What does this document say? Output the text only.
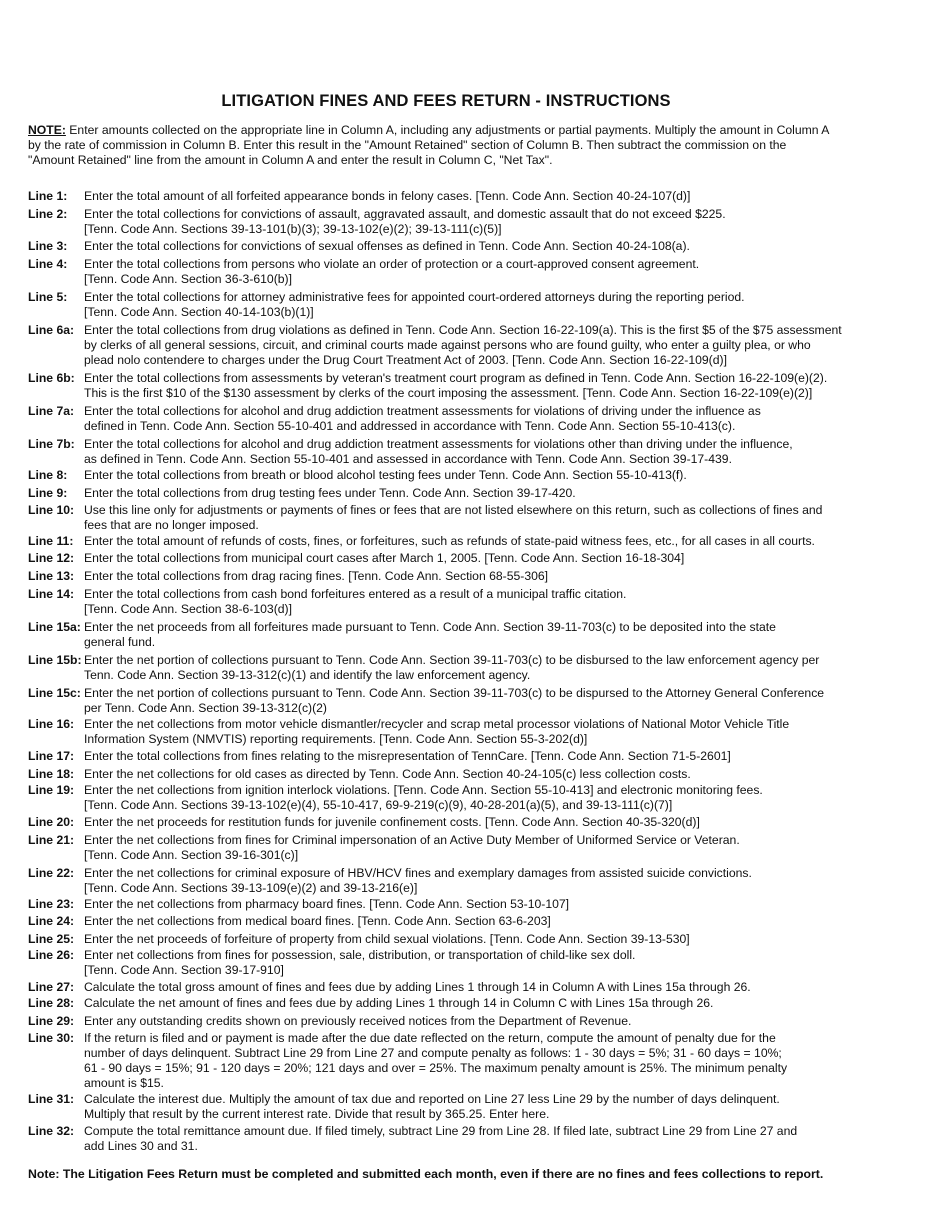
LITIGATION FINES AND FEES RETURN - INSTRUCTIONS
NOTE: Enter amounts collected on the appropriate line in Column A, including any adjustments or partial payments. Multiply the amount in Column A
by the rate of commission in Column B. Enter this result in the "Amount Retained" section of Column B. Then subtract the commission on the
"Amount Retained" line from the amount in Column A and enter the result in Column C, "Net Tax".
Line 1:	Enter the total amount of all forfeited appearance bonds in felony cases. [Tenn. Code Ann. Section 40-24-107(d)]
Line 2:	Enter the total collections for convictions of assault, aggravated assault, and domestic assault that do not exceed $225.
[Tenn. Code Ann. Sections 39-13-101(b)(3); 39-13-102(e)(2); 39-13-111(c)(5)]
Line 3:	Enter the total collections for convictions of sexual offenses as defined in Tenn. Code Ann. Section 40-24-108(a).
Line 4:	Enter the total collections from persons who violate an order of protection or a court-approved consent agreement.
[Tenn. Code Ann. Section 36-3-610(b)]
Line 5:	Enter the total collections for attorney administrative fees for appointed court-ordered attorneys during the reporting period.
[Tenn. Code Ann. Section 40-14-103(b)(1)]
Line 6a: Enter the total collections from drug violations as defined in Tenn. Code Ann. Section 16-22-109(a). This is the first $5 of the $75 assessment
by clerks of all general sessions, circuit, and criminal courts made against persons who are found guilty, who enter a guilty plea, or who
plead nolo contendere to charges under the Drug Court Treatment Act of 2003. [Tenn. Code Ann. Section 16-22-109(d)]
Line 6b: Enter the total collections from assessments by veteran's treatment court program as defined in Tenn. Code Ann. Section 16-22-109(e)(2).
This is the first $10 of the $130 assessment by clerks of the court imposing the assessment. [Tenn. Code Ann. Section 16-22-109(e)(2)]
Line 7a: Enter the total collections for alcohol and drug addiction treatment assessments for violations of driving under the influence as
defined in Tenn. Code Ann. Section 55-10-401 and addressed in accordance with Tenn. Code Ann. Section 55-10-413(c).
Line 7b: Enter the total collections for alcohol and drug addiction treatment assessments for violations other than driving under the influence,
as defined in Tenn. Code Ann. Section 55-10-401 and assessed in accordance with Tenn. Code Ann. Section 39-17-439.
Line 8:	Enter the total collections from breath or blood alcohol testing fees under Tenn. Code Ann. Section 55-10-413(f).
Line 9:	Enter the total collections from drug testing fees under Tenn. Code Ann. Section 39-17-420.
Line 10: Use this line only for adjustments or payments of fines or fees that are not listed elsewhere on this return, such as collections of fines and
fees that are no longer imposed.
Line 11: Enter the total amount of refunds of costs, fines, or forfeitures, such as refunds of state-paid witness fees, etc., for all cases in all courts.
Line 12: Enter the total collections from municipal court cases after March 1, 2005. [Tenn. Code Ann. Section 16-18-304]
Line 13: Enter the total collections from drag racing fines. [Tenn. Code Ann. Section 68-55-306]
Line 14: Enter the total collections from cash bond forfeitures entered as a result of a municipal traffic citation.
[Tenn. Code Ann. Section 38-6-103(d)]
Line 15a: Enter the net proceeds from all forfeitures made pursuant to Tenn. Code Ann. Section 39-11-703(c) to be deposited into the state
general fund.
Line 15b: Enter the net portion of collections pursuant to Tenn. Code Ann. Section 39-11-703(c) to be disbursed to the law enforcement agency per
Tenn. Code Ann. Section 39-13-312(c)(1) and identify the law enforcement agency.
Line 15c: Enter the net portion of collections pursuant to Tenn. Code Ann. Section 39-11-703(c) to be dispursed to the Attorney General Conference
per Tenn. Code Ann. Section 39-13-312(c)(2)
Line 16: Enter the net collections from motor vehicle dismantler/recycler and scrap metal processor violations of National Motor Vehicle Title
Information System (NMVTIS) reporting requirements. [Tenn. Code Ann. Section 55-3-202(d)]
Line 17: Enter the total collections from fines relating to the misrepresentation of TennCare. [Tenn. Code Ann. Section 71-5-2601]
Line 18: Enter the net collections for old cases as directed by Tenn. Code Ann. Section 40-24-105(c) less collection costs.
Line 19: Enter the net collections from ignition interlock violations. [Tenn. Code Ann. Section 55-10-413] and electronic monitoring fees.
[Tenn. Code Ann. Sections 39-13-102(e)(4), 55-10-417, 69-9-219(c)(9), 40-28-201(a)(5), and 39-13-111(c)(7)]
Line 20: Enter the net proceeds for restitution funds for juvenile confinement costs. [Tenn. Code Ann. Section 40-35-320(d)]
Line 21: Enter the net collections from fines for Criminal impersonation of an Active Duty Member of Uniformed Service or Veteran.
[Tenn. Code Ann. Section 39-16-301(c)]
Line 22: Enter the net collections for criminal exposure of HBV/HCV fines and exemplary damages from assisted suicide convictions.
[Tenn. Code Ann. Sections 39-13-109(e)(2) and 39-13-216(e)]
Line 23: Enter the net collections from pharmacy board fines. [Tenn. Code Ann. Section 53-10-107]
Line 24: Enter the net collections from medical board fines. [Tenn. Code Ann. Section 63-6-203]
Line 25: Enter the net proceeds of forfeiture of property from child sexual violations. [Tenn. Code Ann. Section 39-13-530]
Line 26: Enter net collections from fines for possession, sale, distribution, or transportation of child-like sex doll.
[Tenn. Code Ann. Section 39-17-910]
Line 27: Calculate the total gross amount of fines and fees due by adding Lines 1 through 14 in Column A with Lines 15a through 26.
Line 28: Calculate the net amount of fines and fees due by adding Lines 1 through 14 in Column C with Lines 15a through 26.
Line 29: Enter any outstanding credits shown on previously received notices from the Department of Revenue.
Line 30: If the return is filed and or payment is made after the due date reflected on the return, compute the amount of penalty due for the
number of days delinquent. Subtract Line 29 from Line 27 and compute penalty as follows: 1 - 30 days = 5%; 31 - 60 days = 10%;
61 - 90 days = 15%; 91 - 120 days = 20%; 121 days and over = 25%. The maximum penalty amount is 25%. The minimum penalty
amount is $15.
Line 31: Calculate the interest due. Multiply the amount of tax due and reported on Line 27 less Line 29 by the number of days delinquent.
Multiply that result by the current interest rate. Divide that result by 365.25. Enter here.
Line 32: Compute the total remittance amount due. If filed timely, subtract Line 29 from Line 28. If filed late, subtract Line 29 from Line 27 and
add Lines 30 and 31.
Note: The Litigation Fees Return must be completed and submitted each month, even if there are no fines and fees collections to report.
